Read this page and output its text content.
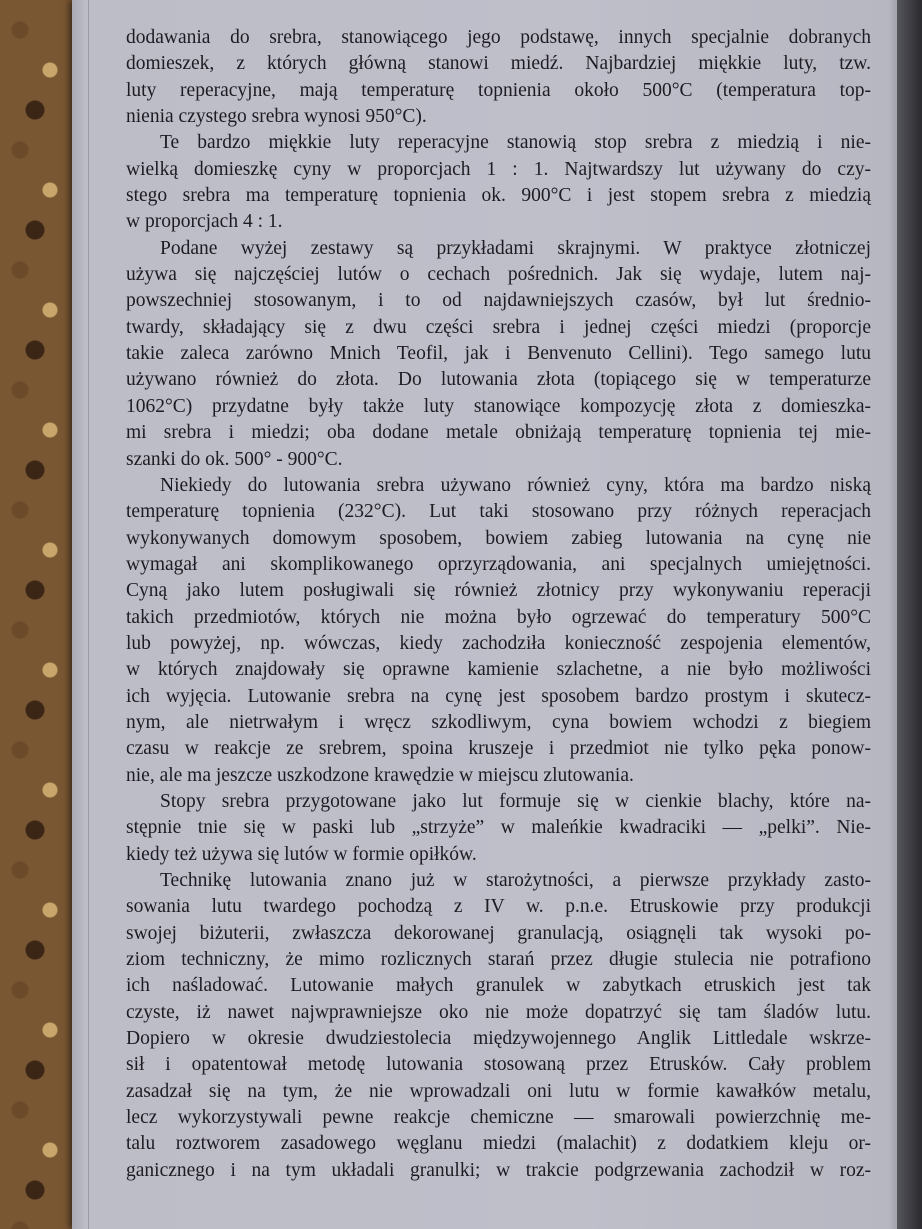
dodawania do srebra, stanowiącego jego podstawę, innych specjalnie dobranych
domieszek, z których główną stanowi miedź. Najbardziej miękkie luty, tzw.
luty reperacyjne, mają temperaturę topnienia około 500°C (temperatura top-
nienia czystego srebra wynosi 950°C).
Te bardzo miękkie luty reperacyjne stanowią stop srebra z miedzią i nie-
wielką domieszkę cyny w proporcjach 1 : 1. Najtwardszy lut używany do czy-
stego srebra ma temperaturę topnienia ok. 900°C i jest stopem srebra z miedzią
w proporcjach 4 : 1.
Podane wyżej zestawy są przykładami skrajnymi. W praktyce złotniczej
używa się najczęściej lutów o cechach pośrednich. Jak się wydaje, lutem naj-
powszechniej stosowanym, i to od najdawniejszych czasów, był lut średnio-
twardy, składający się z dwu części srebra i jednej części miedzi (proporcje
takie zaleca zarówno Mnich Teofil, jak i Benvenuto Cellini). Tego samego lutu
używano również do złota. Do lutowania złota (topiącego się w temperaturze
1062°C) przydatne były także luty stanowiące kompozycję złota z domieszka-
mi srebra i miedzi; oba dodane metale obniżają temperaturę topnienia tej mie-
szanki do ok. 500° - 900°C.
Niekiedy do lutowania srebra używano również cyny, która ma bardzo niską
temperaturę topnienia (232°C). Lut taki stosowano przy różnych reperacjach
wykonywanych domowym sposobem, bowiem zabieg lutowania na cynę nie
wymagał ani skomplikowanego oprzyrządowania, ani specjalnych umiejętności.
Cyną jako lutem posługiwali się również złotnicy przy wykonywaniu reperacji
takich przedmiotów, których nie można było ogrzewać do temperatury 500°C
lub powyżej, np. wówczas, kiedy zachodziła konieczność zespojenia elementów,
w których znajdowały się oprawne kamienie szlachetne, a nie było możliwości
ich wyjęcia. Lutowanie srebra na cynę jest sposobem bardzo prostym i skutecz-
nym, ale nietrwałym i wręcz szkodliwym, cyna bowiem wchodzi z biegiem
czasu w reakcje ze srebrem, spoina kruszeje i przedmiot nie tylko pęka ponow-
nie, ale ma jeszcze uszkodzone krawędzie w miejscu zlutowania.
Stopy srebra przygotowane jako lut formuje się w cienkie blachy, które na-
stępnie tnie się w paski lub „strzyże” w maleńkie kwadraciki — „pelki”. Nie-
kiedy też używa się lutów w formie opiłków.
Technikę lutowania znano już w starożytności, a pierwsze przykłady zasto-
sowania lutu twardego pochodzą z IV w. p.n.e. Etruskowie przy produkcji
swojej biżuterii, zwłaszcza dekorowanej granulacją, osiągnęli tak wysoki po-
ziom techniczny, że mimo rozlicznych starań przez długie stulecia nie potrafiono
ich naśladować. Lutowanie małych granulek w zabytkach etruskich jest tak
czyste, iż nawet najwprawniejsze oko nie może dopatrzyć się tam śladów lutu.
Dopiero w okresie dwudziestolecia międzywojennego Anglik Littledale wskrze-
sił i opatentował metodę lutowania stosowaną przez Etrusków. Cały problem
zasadzał się na tym, że nie wprowadzali oni lutu w formie kawałków metalu,
lecz wykorzystywali pewne reakcje chemiczne — smarowali powierzchnię me-
talu roztworem zasadowego węglanu miedzi (malachit) z dodatkiem kleju or-
ganicznego i na tym układali granulki; w trakcie podgrzewania zachodził w roz-
